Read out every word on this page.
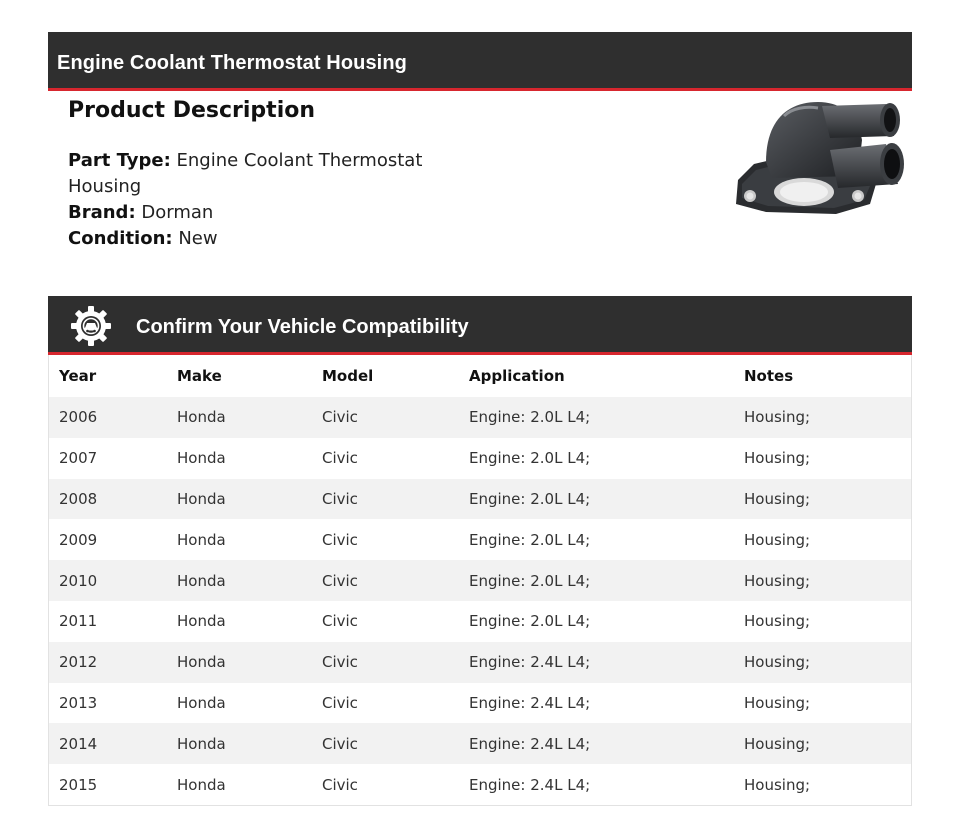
Engine Coolant Thermostat Housing
Product Description
Part Type: Engine Coolant Thermostat Housing
Brand: Dorman
Condition: New
Confirm Your Vehicle Compatibility
Year	Make	Model	Application	Notes
2006	Honda	Civic	Engine: 2.0L L4;	Housing;
2007	Honda	Civic	Engine: 2.0L L4;	Housing;
2008	Honda	Civic	Engine: 2.0L L4;	Housing;
2009	Honda	Civic	Engine: 2.0L L4;	Housing;
2010	Honda	Civic	Engine: 2.0L L4;	Housing;
2011	Honda	Civic	Engine: 2.0L L4;	Housing;
2012	Honda	Civic	Engine: 2.4L L4;	Housing;
2013	Honda	Civic	Engine: 2.4L L4;	Housing;
2014	Honda	Civic	Engine: 2.4L L4;	Housing;
2015	Honda	Civic	Engine: 2.4L L4;	Housing;
